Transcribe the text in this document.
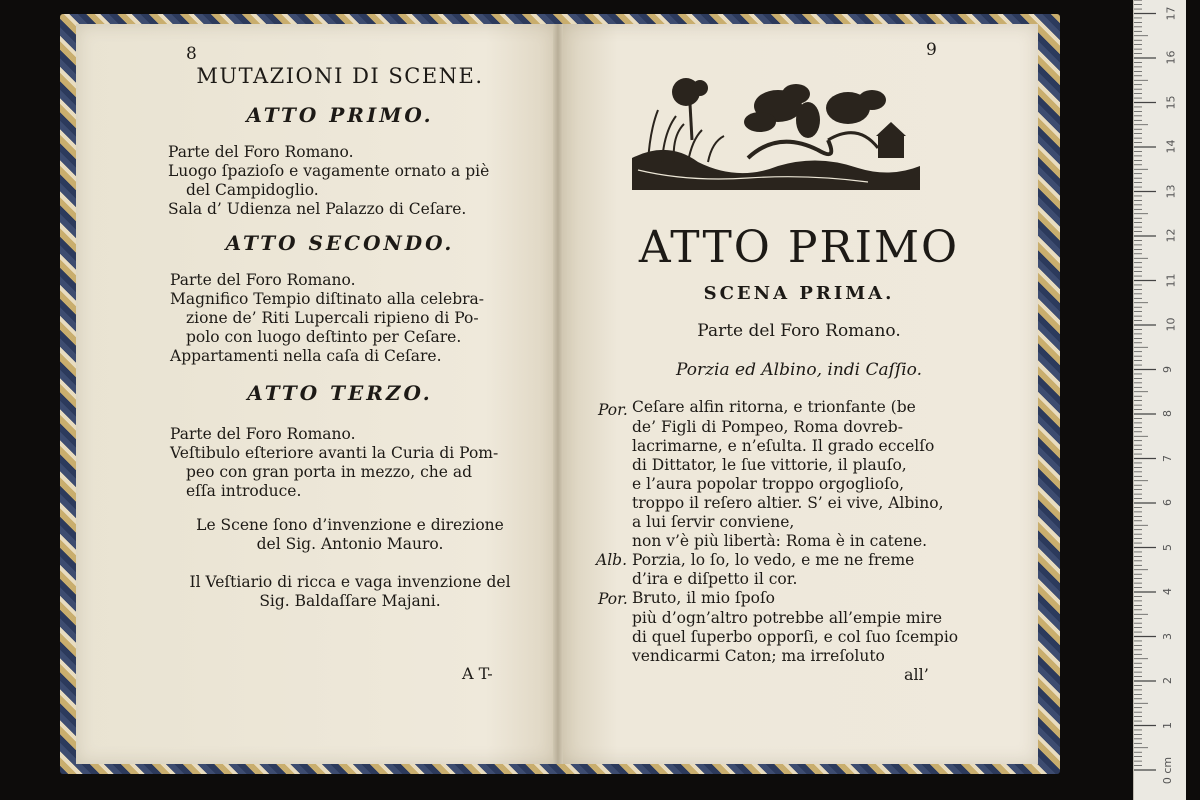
8
MUTAZIONI DI SCENE.
ATTO PRIMO.
Parte del Foro Romano.
Luogo ſpazioſo e vagamente ornato a piè
del Campidoglio.
Sala d’ Udienza nel Palazzo di Ceſare.
ATTO SECONDO.
Parte del Foro Romano.
Magnifico Tempio diſtinato alla celebra-
zione de’ Riti Lupercali ripieno di Po-
polo con luogo deſtinto per Ceſare.
Appartamenti nella caſa di Ceſare.
ATTO TERZO.
Parte del Foro Romano.
Veſtibulo eſteriore avanti la Curia di Pom-
peo con gran porta in mezzo, che ad
eſſa introduce.
Le Scene ſono d’invenzione e direzione
del Sig. Antonio Mauro.
Il Veſtiario di ricca e vaga invenzione del
Sig. Baldaſſare Majani.
A T-
9
ATTO PRIMO
SCENA PRIMA.
Parte del Foro Romano.
Porzia ed Albino, indi Caſſio.
Por. Ceſare alfin ritorna, e trionfante (be
de’ Figli di Pompeo, Roma dovreb-
lacrimarne, e n’eſulta. Il grado eccelſo
di Dittator, le ſue vittorie, il plauſo,
e l’aura popolar troppo orgoglioſo,
troppo il reſero altier. S’ ei vive, Albino,
a lui ſervir conviene,
non v’è più libertà: Roma è in catene.
Alb. Porzia, lo ſo, lo vedo, e me ne freme
d’ira e diſpetto il cor.
Por. Bruto, il mio ſpoſo
più d’ogn’altro potrebbe all’empie mire
di quel ſuperbo opporſi, e col ſuo ſcempio
vendicarmi Caton; ma irreſoluto
all’
0 cm
1
2
3
4
5
6
7
8
9
10
11
12
13
14
15
16
17
